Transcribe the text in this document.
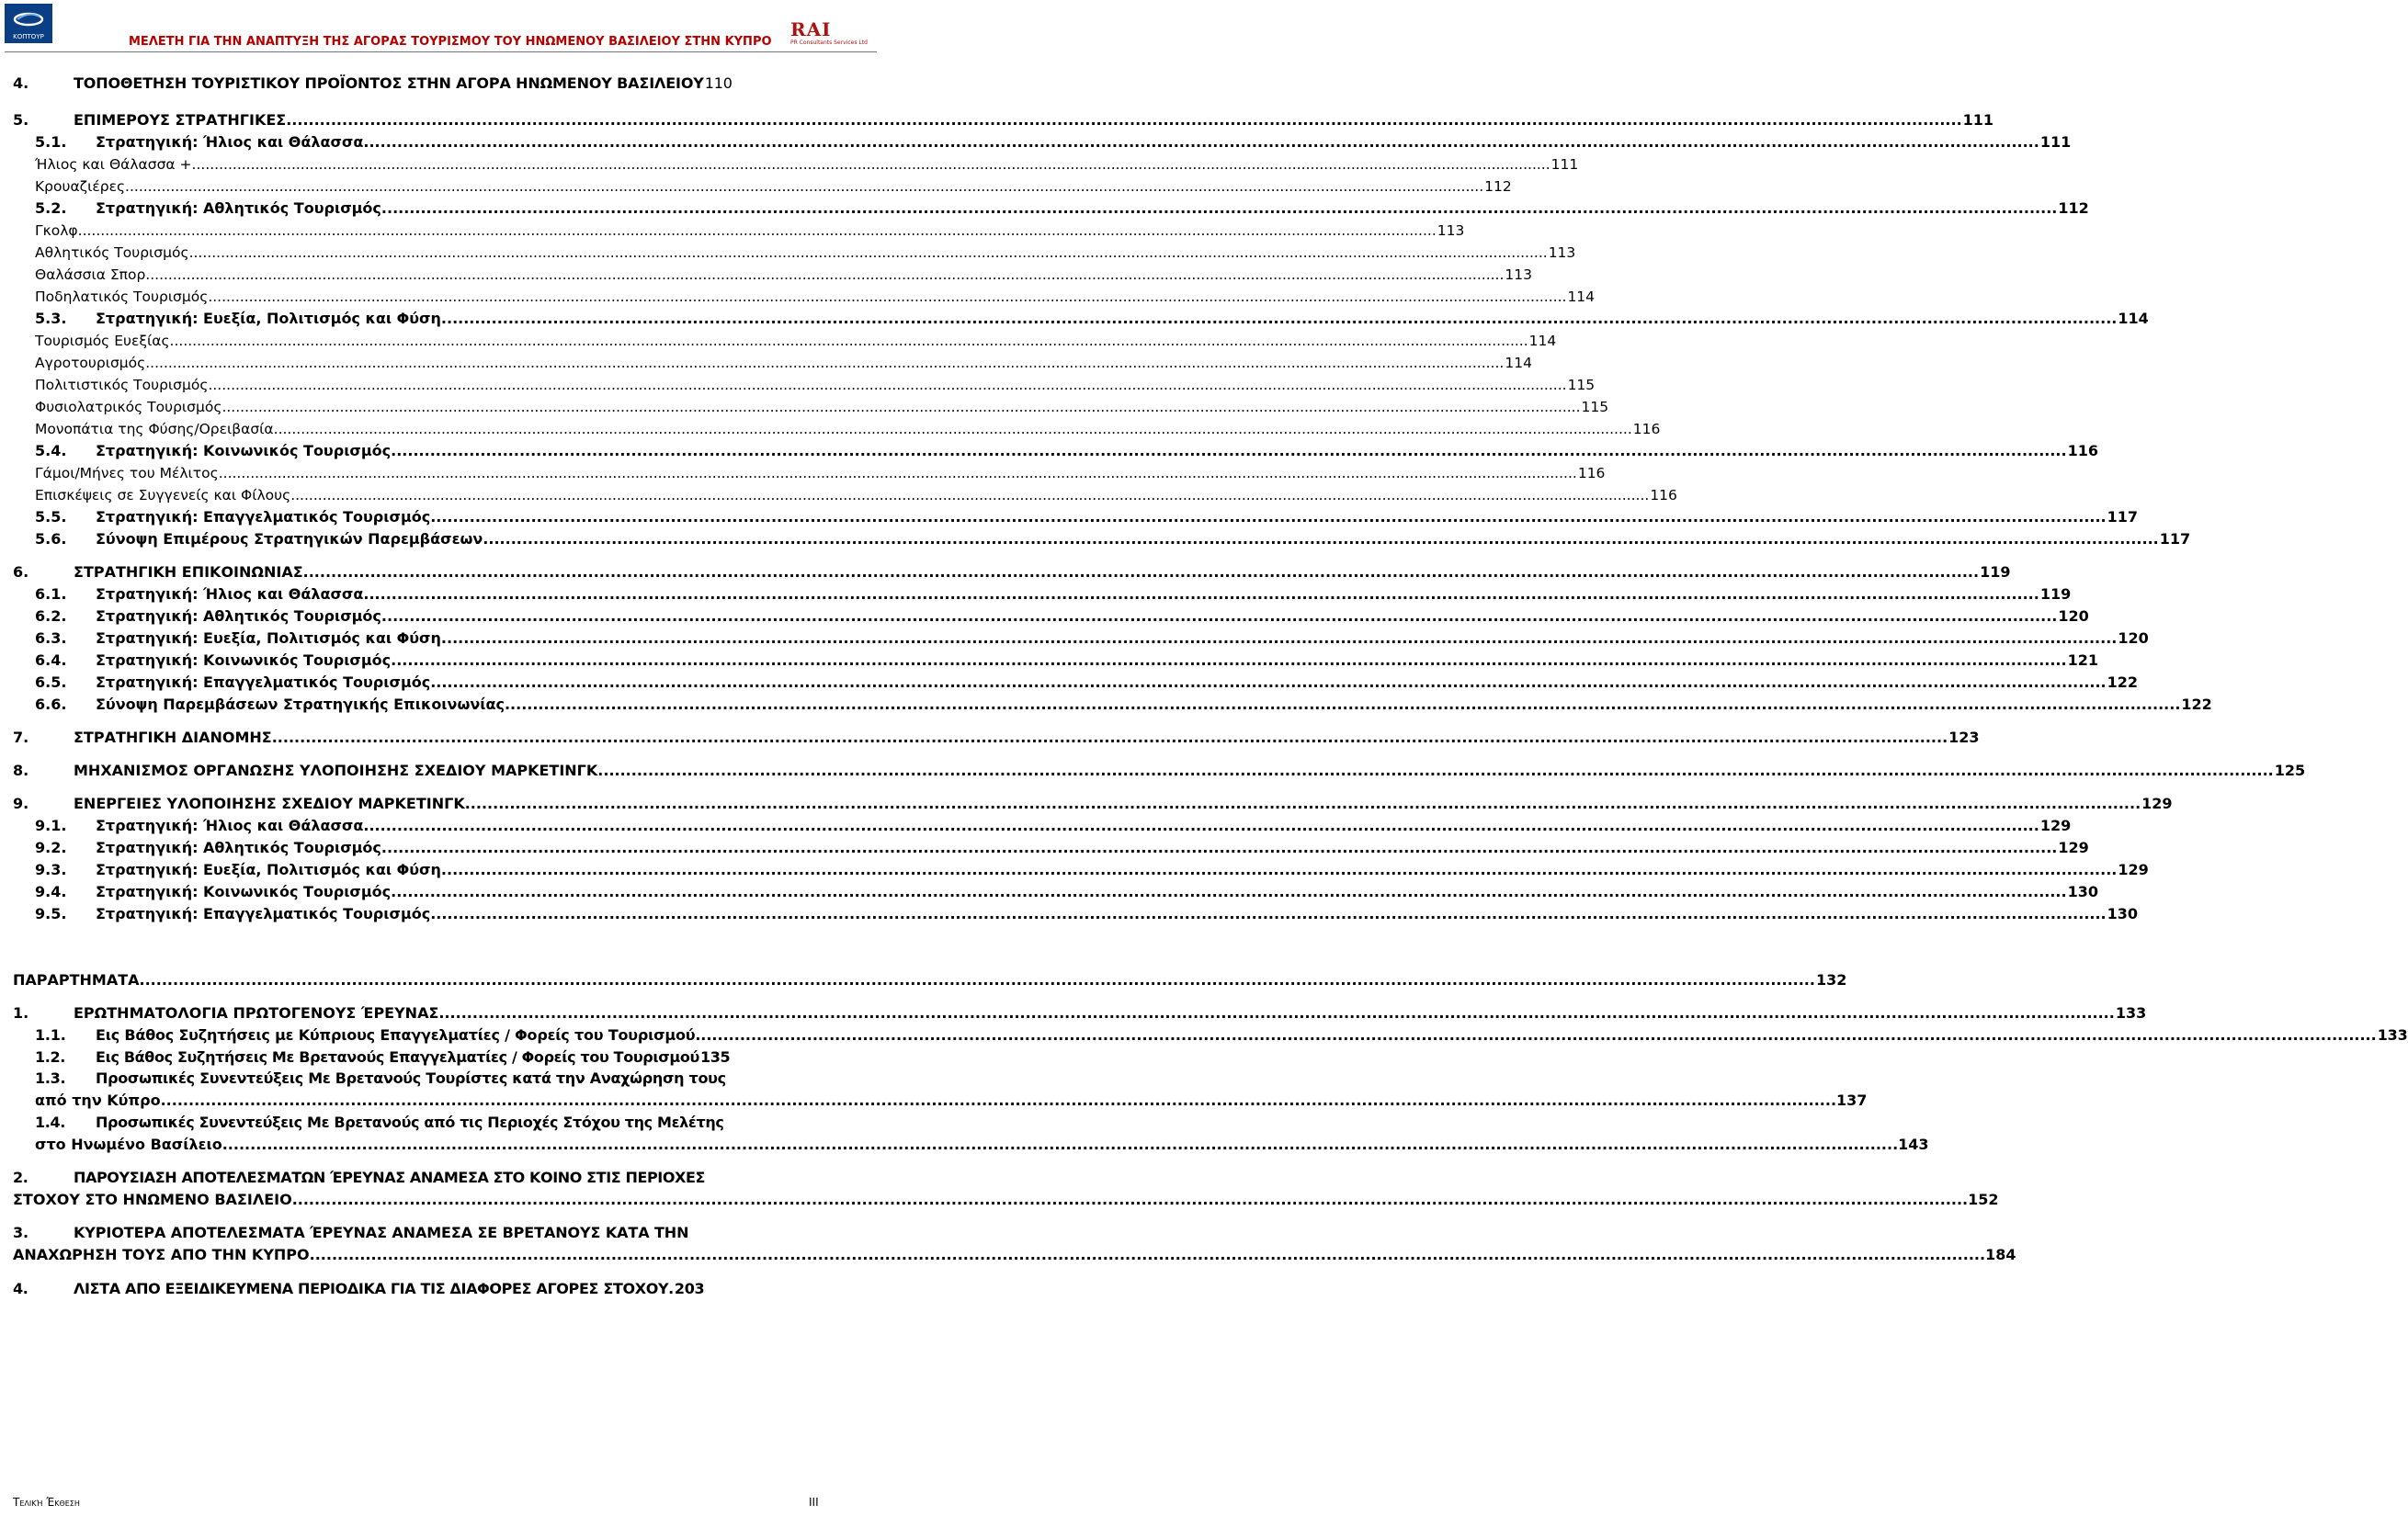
ΚΟΠΤΟΥΡ	ΜΕΛΕΤΗ ΓΙΑ ΤΗΝ ΑΝΑΠΤΥΞΗ ΤΗΣ ΑΓΟΡΑΣ ΤΟΥΡΙΣΜΟΥ ΤΟΥ ΗΝΩΜΕΝΟΥ ΒΑΣΙΛΕΙΟΥ ΣΤΗΝ ΚΥΠΡΟ
RAI
PR Consultants Services Ltd
4.	ΤΟΠΟΘΕΤΗΣΗ ΤΟΥΡΙΣΤΙΚΟΥ ΠΡΟΪΟΝΤΟΣ ΣΤΗΝ ΑΓΟΡΑ ΗΝΩΜΕΝΟΥ ΒΑΣΙΛΕΙΟΥ 110
5.	ΕΠΙΜΕΡΟΥΣ ΣΤΡΑΤΗΓΙΚΕΣ ............................................................................................................................................................................................................................................................................................................ 111
5.1. Στρατηγική: Ήλιος και Θάλασσα ............................................................................................................................................................................................................................................................................................................ 111
Ήλιος και Θάλασσα + ............................................................................................................................................................................................................................................................................................................ 111
Κρουαζιέρες ............................................................................................................................................................................................................................................................................................................ 112
5.2. Στρατηγική: Αθλητικός Τουρισμός ............................................................................................................................................................................................................................................................................................................ 112
Γκολφ ............................................................................................................................................................................................................................................................................................................ 113
Αθλητικός Τουρισμός ............................................................................................................................................................................................................................................................................................................ 113
Θαλάσσια Σπορ ............................................................................................................................................................................................................................................................................................................ 113
Ποδηλατικός Τουρισμός ............................................................................................................................................................................................................................................................................................................ 114
5.3. Στρατηγική: Ευεξία, Πολιτισμός και Φύση ............................................................................................................................................................................................................................................................................................................ 114
Τουρισμός Ευεξίας ............................................................................................................................................................................................................................................................................................................ 114
Αγροτουρισμός ............................................................................................................................................................................................................................................................................................................ 114
Πολιτιστικός Τουρισμός ............................................................................................................................................................................................................................................................................................................ 115
Φυσιολατρικός Τουρισμός ............................................................................................................................................................................................................................................................................................................ 115
Μονοπάτια της Φύσης/Ορειβασία ............................................................................................................................................................................................................................................................................................................ 116
5.4. Στρατηγική: Κοινωνικός Τουρισμός ............................................................................................................................................................................................................................................................................................................ 116
Γάμοι/Μήνες του Μέλιτος ............................................................................................................................................................................................................................................................................................................ 116
Επισκέψεις σε Συγγενείς και Φίλους ............................................................................................................................................................................................................................................................................................................ 116
5.5. Στρατηγική: Επαγγελματικός Τουρισμός ............................................................................................................................................................................................................................................................................................................ 117
5.6. Σύνοψη Επιμέρους Στρατηγικών Παρεμβάσεων ............................................................................................................................................................................................................................................................................................................ 117
6.	ΣΤΡΑΤΗΓΙΚΗ ΕΠΙΚΟΙΝΩΝΙΑΣ ............................................................................................................................................................................................................................................................................................................ 119
6.1. Στρατηγική: Ήλιος και Θάλασσα ............................................................................................................................................................................................................................................................................................................ 119
6.2. Στρατηγική: Αθλητικός Τουρισμός ............................................................................................................................................................................................................................................................................................................ 120
6.3. Στρατηγική: Ευεξία, Πολιτισμός και Φύση ............................................................................................................................................................................................................................................................................................................ 120
6.4. Στρατηγική: Κοινωνικός Τουρισμός ............................................................................................................................................................................................................................................................................................................ 121
6.5. Στρατηγική: Επαγγελματικός Τουρισμός ............................................................................................................................................................................................................................................................................................................ 122
6.6. Σύνοψη Παρεμβάσεων Στρατηγικής Επικοινωνίας ............................................................................................................................................................................................................................................................................................................ 122
7.	ΣΤΡΑΤΗΓΙΚΗ ΔΙΑΝΟΜΗΣ ............................................................................................................................................................................................................................................................................................................ 123
8.	ΜΗΧΑΝΙΣΜΟΣ ΟΡΓΑΝΩΣΗΣ ΥΛΟΠΟΙΗΣΗΣ ΣΧΕΔΙΟΥ ΜΑΡΚΕΤΙΝΓΚ ............................................................................................................................................................................................................................................................................................................ 125
9.	ΕΝΕΡΓΕΙΕΣ ΥΛΟΠΟΙΗΣΗΣ ΣΧΕΔΙΟΥ ΜΑΡΚΕΤΙΝΓΚ ............................................................................................................................................................................................................................................................................................................ 129
9.1. Στρατηγική: Ήλιος και Θάλασσα ............................................................................................................................................................................................................................................................................................................ 129
9.2. Στρατηγική: Αθλητικός Τουρισμός ............................................................................................................................................................................................................................................................................................................ 129
9.3. Στρατηγική: Ευεξία, Πολιτισμός και Φύση ............................................................................................................................................................................................................................................................................................................ 129
9.4. Στρατηγική: Κοινωνικός Τουρισμός ............................................................................................................................................................................................................................................................................................................ 130
9.5. Στρατηγική: Επαγγελματικός Τουρισμός ............................................................................................................................................................................................................................................................................................................ 130
ΠΑΡΑΡΤΗΜΑΤΑ ............................................................................................................................................................................................................................................................................................................ 132
1.	ΕΡΩΤΗΜΑΤΟΛΟΓΙΑ ΠΡΩΤΟΓΕΝΟΥΣ ΈΡΕΥΝΑΣ ............................................................................................................................................................................................................................................................................................................ 133
1.1. Εις Βάθος Συζητήσεις με Κύπριους Επαγγελματίες / Φορείς του Τουρισμού. ............................................................................................................................................................................................................................................................................................................ 133
1.2. Εις Βάθος Συζητήσεις Με Βρετανούς Επαγγελματίες / Φορείς του Τουρισμού 135
1.3.	Προσωπικές Συνεντεύξεις Με Βρετανούς Τουρίστες κατά την Αναχώρηση τους
από την Κύπρο ............................................................................................................................................................................................................................................................................................................ 137
1.4.	Προσωπικές Συνεντεύξεις Με Βρετανούς από τις Περιοχές Στόχου της Μελέτης
στο Ηνωμένο Βασίλειο ............................................................................................................................................................................................................................................................................................................ 143
2.	ΠΑΡΟΥΣΙΑΣΗ ΑΠΟΤΕΛΕΣΜΑΤΩΝ ΈΡΕΥΝΑΣ ΑΝΑΜΕΣΑ ΣΤΟ ΚΟΙΝΟ ΣΤΙΣ ΠΕΡΙΟΧΕΣ
ΣΤΟΧΟΥ ΣΤΟ ΗΝΩΜΕΝΟ ΒΑΣΙΛΕΙΟ ............................................................................................................................................................................................................................................................................................................ 152
3.	ΚΥΡΙΟΤΕΡΑ ΑΠΟΤΕΛΕΣΜΑΤΑ ΈΡΕΥΝΑΣ ΑΝΑΜΕΣΑ ΣΕ ΒΡΕΤΑΝΟΥΣ ΚΑΤΑ ΤΗΝ
ΑΝΑΧΩΡΗΣΗ ΤΟΥΣ ΑΠΟ ΤΗΝ ΚΥΠΡΟ ............................................................................................................................................................................................................................................................................................................ 184
4.	ΛΙΣΤΑ ΑΠΟ ΕΞΕΙΔΙΚΕΥΜΕΝΑ ΠΕΡΙΟΔΙΚΑ ΓΙΑ ΤΙΣ ΔΙΑΦΟΡΕΣ ΑΓΟΡΕΣ ΣΤΟΧΟΥ. 203
Τελική Έκθεση	III
